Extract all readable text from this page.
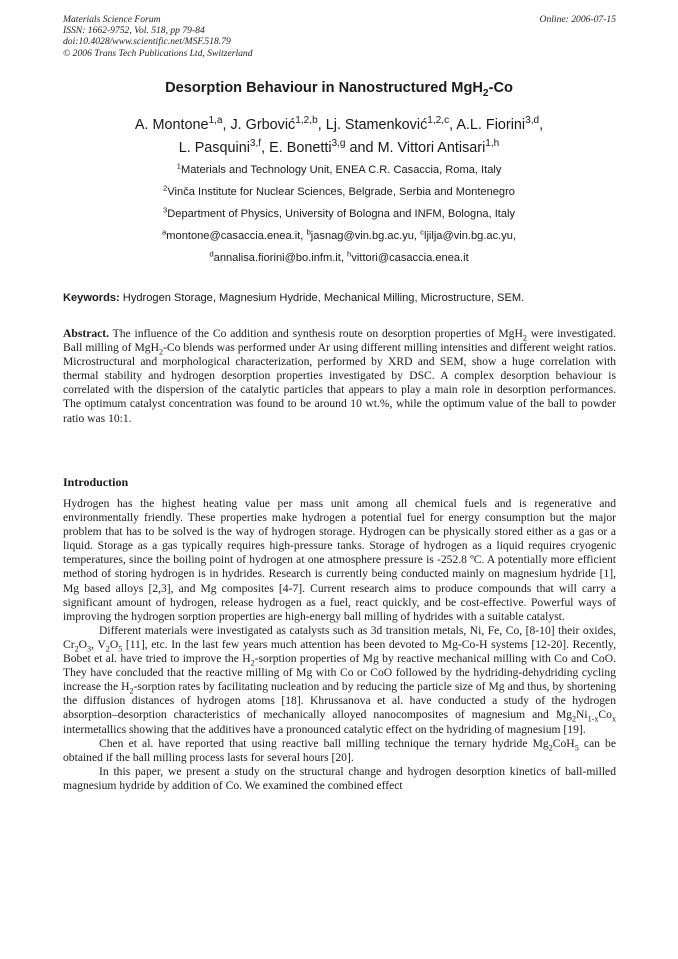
Materials Science Forum
ISSN: 1662-9752, Vol. 518, pp 79-84
doi:10.4028/www.scientific.net/MSF.518.79
© 2006 Trans Tech Publications Ltd, Switzerland
Online: 2006-07-15
Desorption Behaviour in Nanostructured MgH$_2$-Co
A. Montone$^{1,a}$, J. Grbović$^{1,2,b}$, Lj. Stamenković$^{1,2,c}$, A.L. Fiorini$^{3,d}$,
L. Pasquini$^{3,f}$, E. Bonetti$^{3,g}$ and M. Vittori Antisari$^{1,h}$
$^1$Materials and Technology Unit, ENEA C.R. Casaccia, Roma, Italy
$^2$Vinča Institute for Nuclear Sciences, Belgrade, Serbia and Montenegro
$^3$Department of Physics, University of Bologna and INFM, Bologna, Italy
$^a$montone@casaccia.enea.it, $^b$jasnag@vin.bg.ac.yu, $^c$ljilja@vin.bg.ac.yu,
$^d$annalisa.fiorini@bo.infm.it, $^h$vittori@casaccia.enea.it
Keywords: Hydrogen Storage, Magnesium Hydride, Mechanical Milling, Microstructure, SEM.

Abstract. The influence of the Co addition and synthesis route on desorption properties of MgH$_2$ were investigated. Ball milling of MgH$_2$-Co blends was performed under Ar using different milling intensities and different weight ratios. Microstructural and morphological characterization, performed by XRD and SEM, show a huge correlation with thermal stability and hydrogen desorption properties investigated by DSC. A complex desorption behaviour is correlated with the dispersion of the catalytic particles that appears to play a main role in desorption performances. The optimum catalyst concentration was found to be around 10 wt.%, while the optimum value of the ball to powder ratio was 10:1.

Introduction

Hydrogen has the highest heating value per mass unit among all chemical fuels and is regenerative and environmentally friendly. These properties make hydrogen a potential fuel for energy consumption but the major problem that has to be solved is the way of hydrogen storage. Hydrogen can be physically stored either as a gas or a liquid. Storage as a gas typically requires high-pressure tanks. Storage of hydrogen as a liquid requires cryogenic temperatures, since the boiling point of hydrogen at one atmosphere pressure is -252.8 ºC. A potentially more efficient method of storing hydrogen is in hydrides. Research is currently being conducted mainly on magnesium hydride [1], Mg based alloys [2,3], and Mg composites [4-7]. Current research aims to produce compounds that will carry a significant amount of hydrogen, release hydrogen as a fuel, react quickly, and be cost-effective. Powerful ways of improving the hydrogen sorption properties are high-energy ball milling of hydrides with a suitable catalyst.

Different materials were investigated as catalysts such as 3d transition metals, Ni, Fe, Co, [8-10] their oxides, $Cr_2O_3$, $V_2O_5$ [11], etc. In the last few years much attention has been devoted to Mg-Co-H systems [12-20]. Recently, Bobet et al. have tried to improve the $H_2$-sorption properties of Mg by reactive mechanical milling with Co and CoO. They have concluded that the reactive milling of Mg with Co or CoO followed by the hydriding-dehydriding cycling increase the $H_2$-sorption rates by facilitating nucleation and by reducing the particle size of Mg and thus, by shortening the diffusion distances of hydrogen atoms [18]. Khrussanova et al. have conducted a study of the hydrogen absorption–desorption characteristics of mechanically alloyed nanocomposites of magnesium and $Mg_2Ni_{1-x}Co_x$ intermetallics showing that the additives have a pronounced catalytic effect on the hydriding of magnesium [19].

Chen et al. have reported that using reactive ball milling technique the ternary hydride $Mg_2CoH_5$ can be obtained if the ball milling process lasts for several hours [20].

In this paper, we present a study on the structural change and hydrogen desorption kinetics of ball-milled magnesium hydride by addition of Co. We examined the combined effect
